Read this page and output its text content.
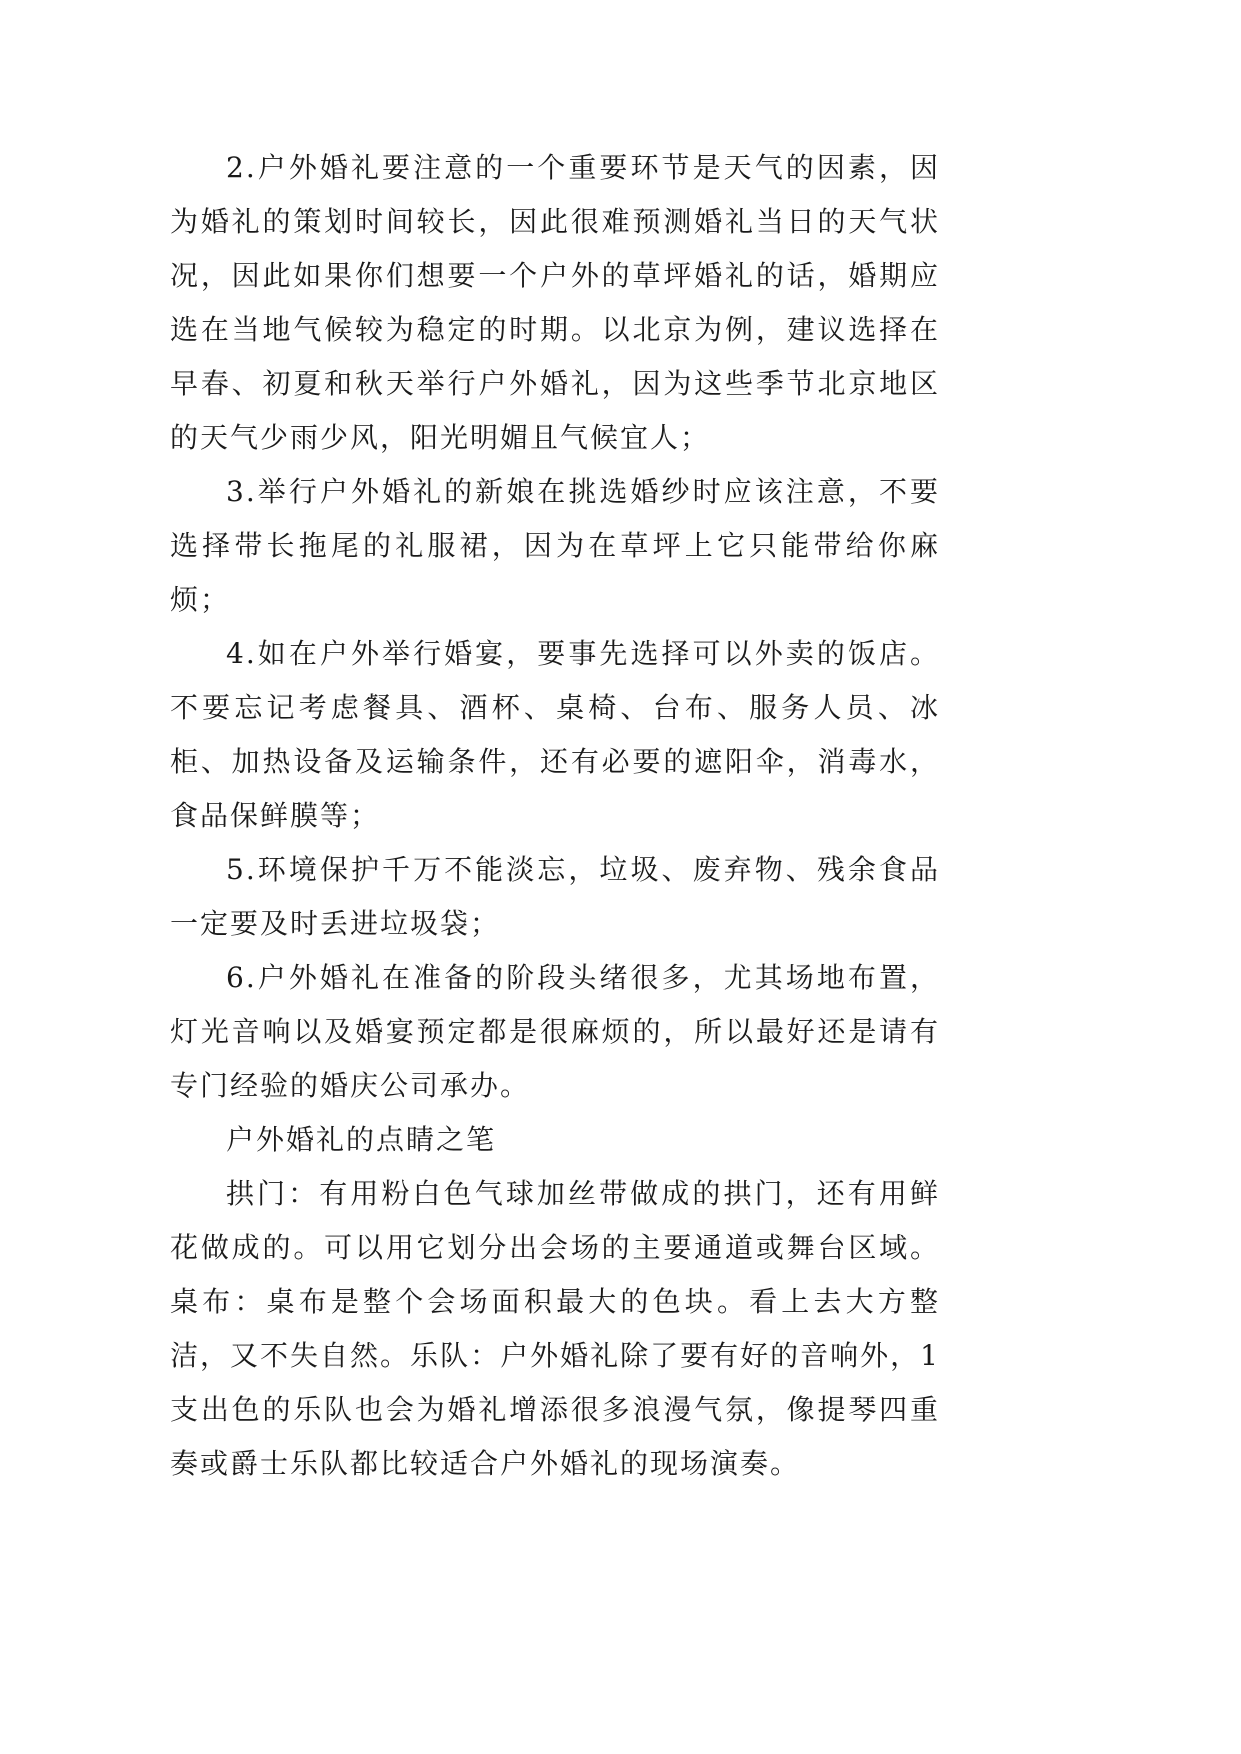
2.户外婚礼要注意的一个重要环节是天气的因素，因为婚礼的策划时间较长，因此很难预测婚礼当日的天气状况，因此如果你们想要一个户外的草坪婚礼的话，婚期应选在当地气候较为稳定的时期。以北京为例，建议选择在早春、初夏和秋天举行户外婚礼，因为这些季节北京地区的天气少雨少风，阳光明媚且气候宜人；

3.举行户外婚礼的新娘在挑选婚纱时应该注意，不要选择带长拖尾的礼服裙，因为在草坪上它只能带给你麻烦；

4.如在户外举行婚宴，要事先选择可以外卖的饭店。不要忘记考虑餐具、酒杯、桌椅、台布、服务人员、冰柜、加热设备及运输条件，还有必要的遮阳伞，消毒水，食品保鲜膜等；

5.环境保护千万不能淡忘，垃圾、废弃物、残余食品一定要及时丢进垃圾袋；

6.户外婚礼在准备的阶段头绪很多，尤其场地布置，灯光音响以及婚宴预定都是很麻烦的，所以最好还是请有专门经验的婚庆公司承办。

户外婚礼的点睛之笔

拱门：有用粉白色气球加丝带做成的拱门，还有用鲜花做成的。可以用它划分出会场的主要通道或舞台区域。桌布：桌布是整个会场面积最大的色块。看上去大方整洁，又不失自然。乐队：户外婚礼除了要有好的音响外，1支出色的乐队也会为婚礼增添很多浪漫气氛，像提琴四重奏或爵士乐队都比较适合户外婚礼的现场演奏。
